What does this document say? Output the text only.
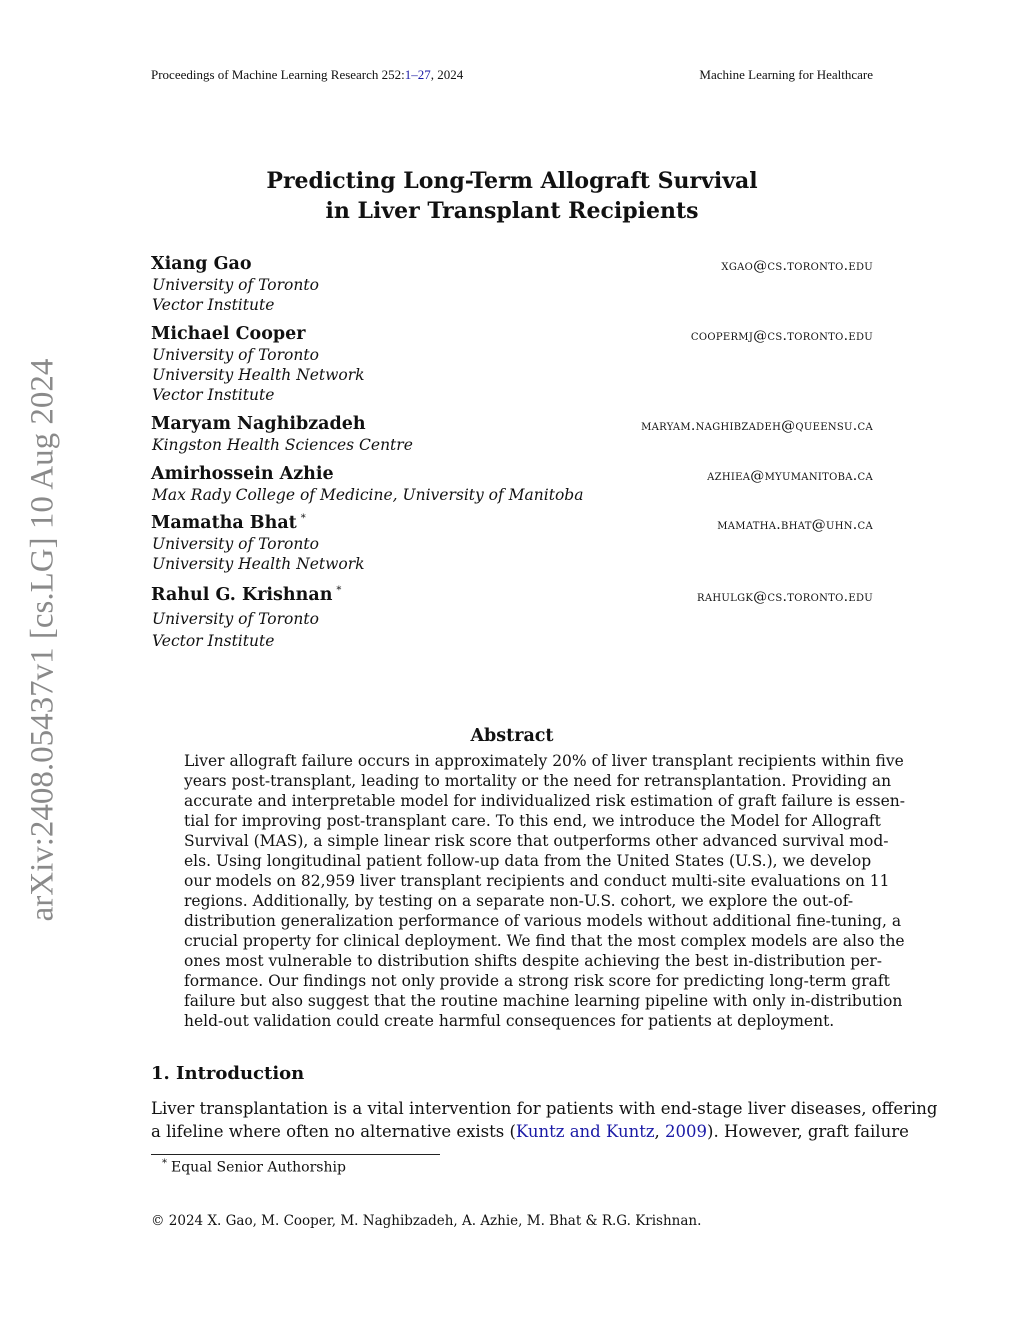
arXiv:2408.05437v1 [cs.LG] 10 Aug 2024
Proceedings of Machine Learning Research 252:1–27, 2024	Machine Learning for Healthcare
Predicting Long-Term Allograft Survival
in Liver Transplant Recipients
Xiang Gao	xgao@cs.toronto.edu
University of Toronto
Vector Institute
Michael Cooper	coopermj@cs.toronto.edu
University of Toronto
University Health Network
Vector Institute
Maryam Naghibzadeh	maryam.naghibzadeh@queensu.ca
Kingston Health Sciences Centre
Amirhossein Azhie	azhiea@myumanitoba.ca
Max Rady College of Medicine, University of Manitoba
Mamatha Bhat *	mamatha.bhat@uhn.ca
University of Toronto
University Health Network
Rahul G. Krishnan *	rahulgk@cs.toronto.edu
University of Toronto
Vector Institute
Abstract
Liver allograft failure occurs in approximately 20% of liver transplant recipients within five
years post-transplant, leading to mortality or the need for retransplantation. Providing an
accurate and interpretable model for individualized risk estimation of graft failure is essen-
tial for improving post-transplant care. To this end, we introduce the Model for Allograft
Survival (MAS), a simple linear risk score that outperforms other advanced survival mod-
els. Using longitudinal patient follow-up data from the United States (U.S.), we develop
our models on 82,959 liver transplant recipients and conduct multi-site evaluations on 11
regions. Additionally, by testing on a separate non-U.S. cohort, we explore the out-of-
distribution generalization performance of various models without additional fine-tuning, a
crucial property for clinical deployment. We find that the most complex models are also the
ones most vulnerable to distribution shifts despite achieving the best in-distribution per-
formance. Our findings not only provide a strong risk score for predicting long-term graft
failure but also suggest that the routine machine learning pipeline with only in-distribution
held-out validation could create harmful consequences for patients at deployment.
1. Introduction
Liver transplantation is a vital intervention for patients with end-stage liver diseases, offering
a lifeline where often no alternative exists (Kuntz and Kuntz, 2009). However, graft failure
* Equal Senior Authorship
© 2024 X. Gao, M. Cooper, M. Naghibzadeh, A. Azhie, M. Bhat & R.G. Krishnan.
